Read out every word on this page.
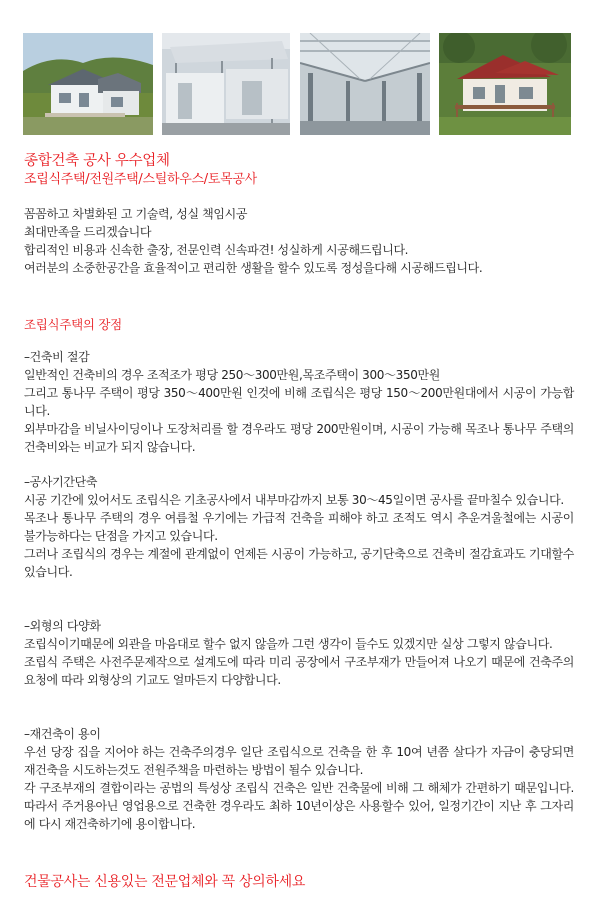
종합건축 공사 우수업체
조립식주택/전원주택/스틸하우스/토목공사

꼼꼼하고 차별화된 고 기술력, 성실 책임시공

최대만족을 드리겠습니다

합리적인 비용과 신속한 출장, 전문인력 신속파견! 성실하게 시공해드립니다.

여러분의 소중한공간을 효율적이고 편리한 생활을 할수 있도록 정성을다해 시공해드립니다.

조립식주택의 장점

–건축비 절감

일반적인 건축비의 경우 조적조가 평당 250～300만원,목조주택이 300～350만원

그리고 통나무 주택이 평당 350～400만원 인것에 비해 조립식은 평당 150～200만원대에서 시공이 가능합니다.

외부마감을 비닐사이딩이나 도장처리를 할 경우라도 평당 200만원이며, 시공이 가능해 목조나 통나무 주택의 건축비와는 비교가 되지 않습니다.

–공사기간단축

시공 기간에 있어서도 조립식은 기초공사에서 내부마감까지 보통 30～45일이면 공사를 끝마칠수 있습니다.

목조나 통나무 주택의 경우 여름철 우기에는 가급적 건축을 피해야 하고 조적도 역시 추운겨울철에는 시공이 불가능하다는 단점을 가지고 있습니다.

그러나 조립식의 경우는 계절에 관계없이 언제든 시공이 가능하고, 공기단축으로 건축비 절감효과도 기대할수 있습니다.

–외형의 다양화

조립식이기때문에 외관을 마음대로 할수 없지 않을까 그런 생각이 들수도 있겠지만 실상 그렇지 않습니다.

조립식 주택은 사전주문제작으로 설계도에 따라 미리 공장에서 구조부재가 만들어져 나오기 때문에 건축주의 요청에 따라 외형상의 기교도 얼마든지 다양합니다.

–재건축이 용이

우선 당장 집을 지어야 하는 건축주의경우 일단 조립식으로 건축을 한 후 10여 년쯤 살다가 자금이 충당되면 재건축을 시도하는것도 전원주책을 마련하는 방법이 될수 있습니다.

각 구조부재의 결합이라는 공법의 특성상 조립식 건축은 일반 건축물에 비해 그 해체가 간편하기 때문입니다. 따라서 주거용아닌 영업용으로 건축한 경우라도 최하 10년이상은 사용할수 있어, 일정기간이 지난 후 그자리에 다시 재건축하기에 용이합니다.

건물공사는 신용있는 전문업체와 꼭 상의하세요
